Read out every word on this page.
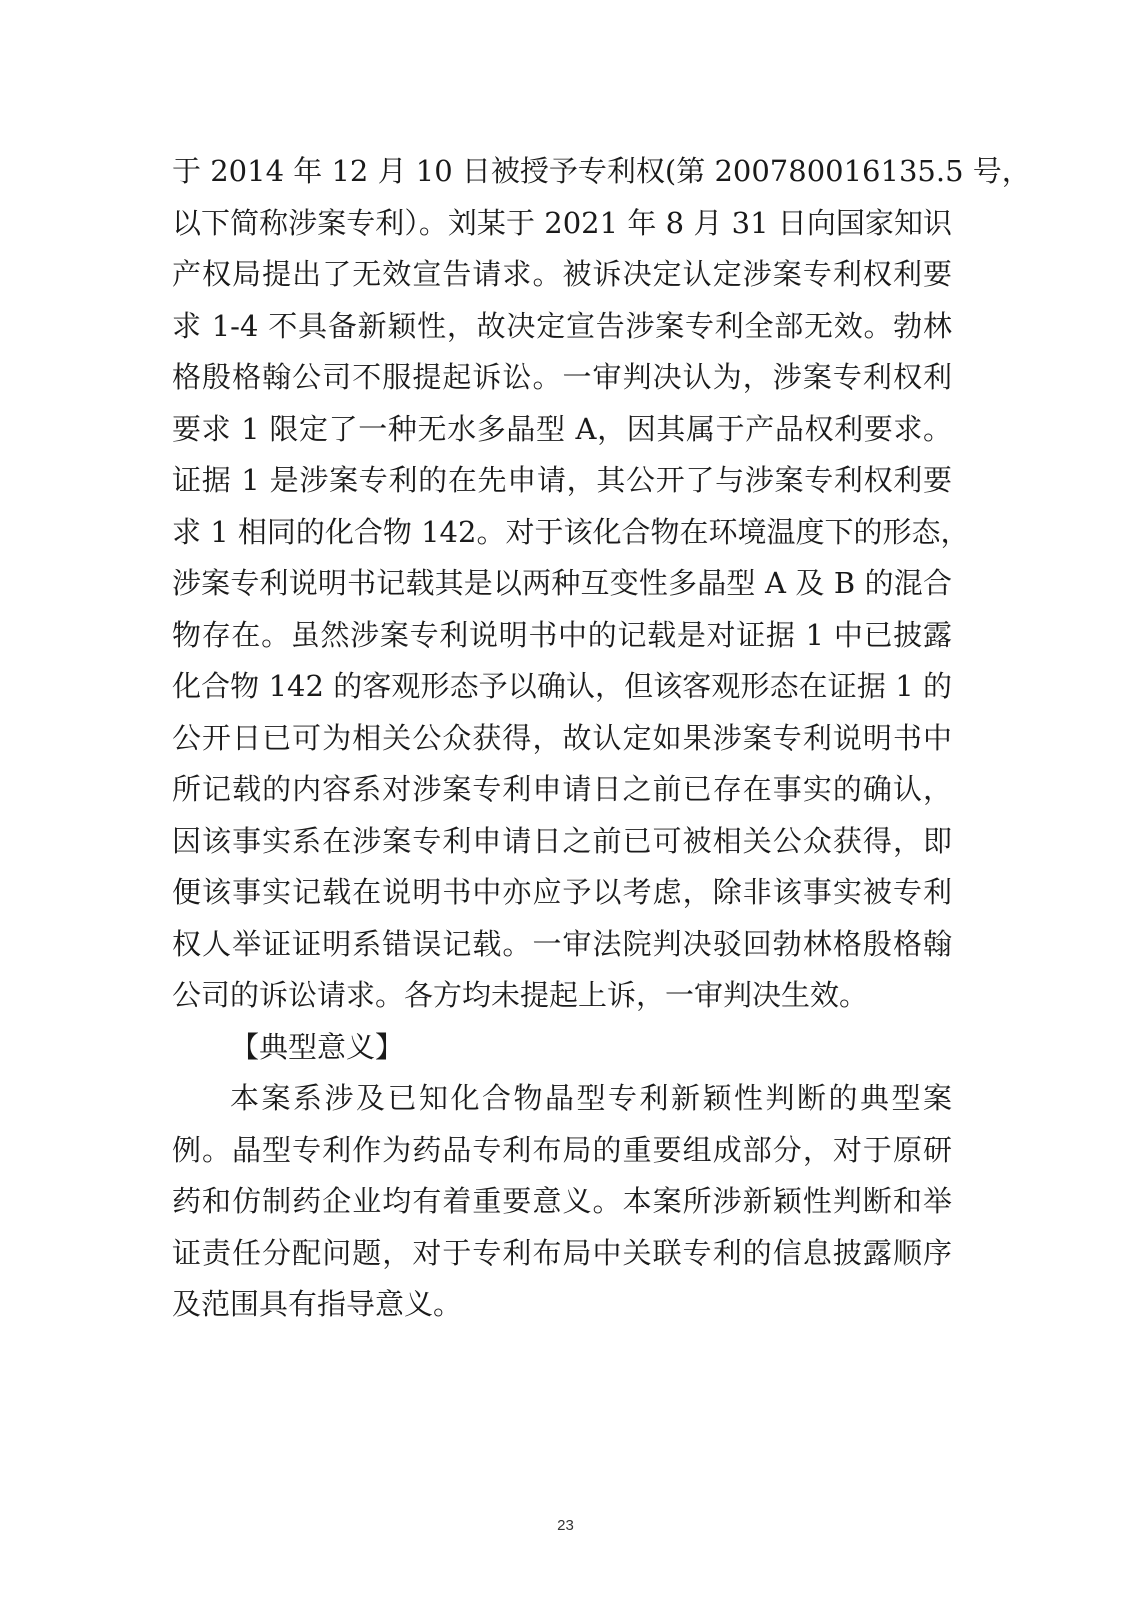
于 2014 年 12 月 10 日被授予专利权(第 200780016135.5 号，
以下简称涉案专利）。刘某于 2021 年 8 月 31 日向国家知识
产权局提出了无效宣告请求。被诉决定认定涉案专利权利要
求 1-4 不具备新颖性，故决定宣告涉案专利全部无效。勃林
格殷格翰公司不服提起诉讼。一审判决认为，涉案专利权利
要求 1 限定了一种无水多晶型 A，因其属于产品权利要求。
证据 1 是涉案专利的在先申请，其公开了与涉案专利权利要
求 1 相同的化合物 142。对于该化合物在环境温度下的形态，
涉案专利说明书记载其是以两种互变性多晶型 A 及 B 的混合
物存在。虽然涉案专利说明书中的记载是对证据 1 中已披露
化合物 142 的客观形态予以确认，但该客观形态在证据 1 的
公开日已可为相关公众获得，故认定如果涉案专利说明书中
所记载的内容系对涉案专利申请日之前已存在事实的确认，
因该事实系在涉案专利申请日之前已可被相关公众获得，即
便该事实记载在说明书中亦应予以考虑，除非该事实被专利
权人举证证明系错误记载。一审法院判决驳回勃林格殷格翰
公司的诉讼请求。各方均未提起上诉，一审判决生效。
【典型意义】
本案系涉及已知化合物晶型专利新颖性判断的典型案
例。晶型专利作为药品专利布局的重要组成部分，对于原研
药和仿制药企业均有着重要意义。本案所涉新颖性判断和举
证责任分配问题，对于专利布局中关联专利的信息披露顺序
及范围具有指导意义。
23
